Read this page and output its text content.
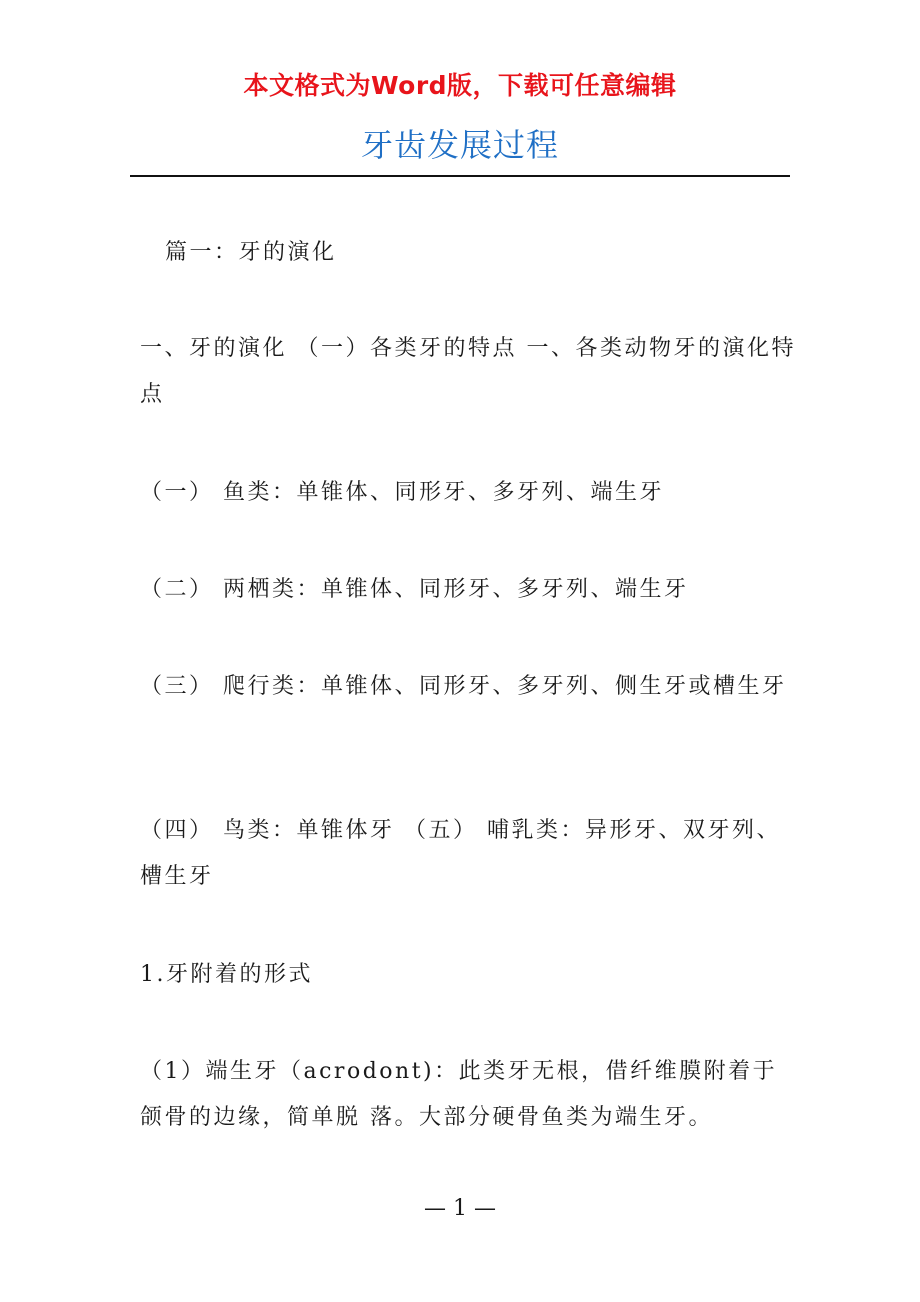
本文格式为Word版，下载可任意编辑
牙齿发展过程
篇一：牙的演化
一、牙的演化 （一）各类牙的特点 一、各类动物牙的演化特点
（一） 鱼类：单锥体、同形牙、多牙列、端生牙
（二） 两栖类：单锥体、同形牙、多牙列、端生牙
（三） 爬行类：单锥体、同形牙、多牙列、侧生牙或槽生牙
（四） 鸟类：单锥体牙 （五） 哺乳类：异形牙、双牙列、槽生牙
1.牙附着的形式
（1）端生牙（acrodont)：此类牙无根，借纤维膜附着于颌骨的边缘，简单脱 落。大部分硬骨鱼类为端生牙。
— 1 —
